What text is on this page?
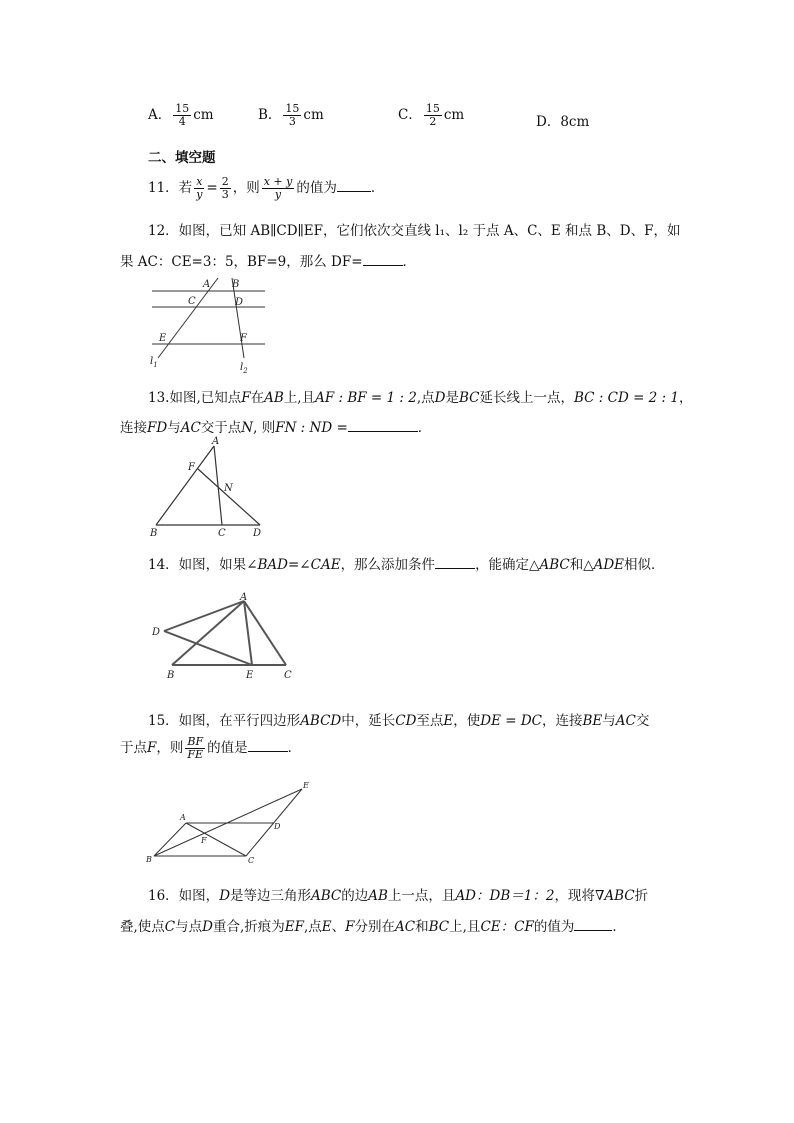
A． $\frac{15}{4}$ cm	B． $\frac{15}{3}$ cm	C． $\frac{15}{2}$ cm	D．8cm
二、填空题
11．若 $\frac{x}{y} = \frac{2}{3}$ ，则 $\frac{x + y}{y}$ 的值为	．
12．如图，已知 AB∥CD∥EF，它们依次交直线 l₁、l₂ 于点 A、C、E 和点 B、D、F，如
果 AC：CE=3：5，BF=9，那么 DF=	．
A B
C	D
E	F
$l_1$	$l_2$
13.如图,已知点F在AB上,且AF : BF = 1 : 2,点D是BC延长线上一点，BC : CD = 2 : 1，
连接FD与AC交于点N, 则FN : ND =	．
A
F
N
B	C	D
14．如图，如果∠BAD=∠CAE，那么添加条件	，能确定△ABC和△ADE相似．
A
D
B	E	C
15．如图，在平行四边形ABCD中，延长CD至点E，使DE = DC，连接BE与AC交
于点F，则 $\frac{BF}{FE}$ 的值是	．
A
D
E
F
B	C
16．如图，D是等边三角形ABC的边AB上一点，且AD：DB＝1：2，现将∇ABC折
叠,使点C与点D重合,折痕为EF,点E、F分别在AC和BC上,且CE：CF的值为	．
